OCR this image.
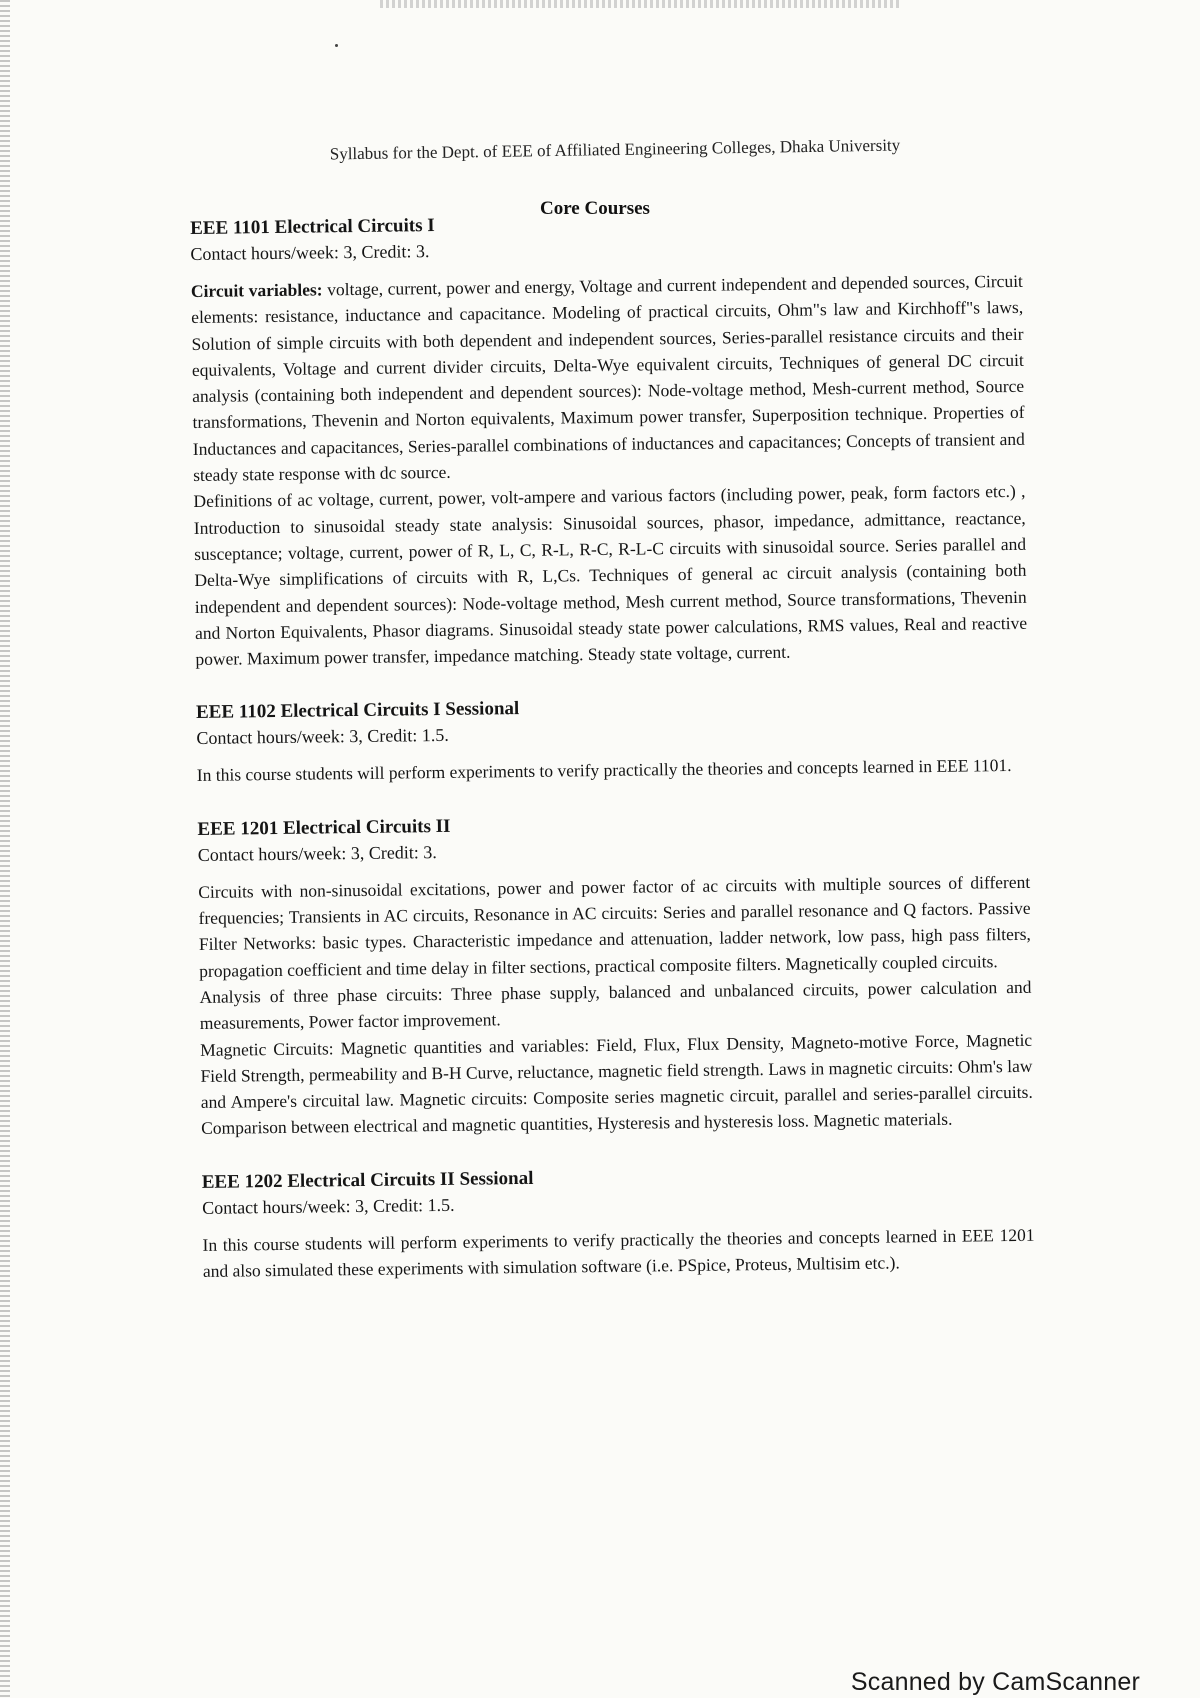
Syllabus for the Dept. of EEE of Affiliated Engineering Colleges, Dhaka University
Core Courses
EEE 1101 Electrical Circuits I
Contact hours/week: 3, Credit: 3.

Circuit variables: voltage, current, power and energy, Voltage and current independent and depended sources, Circuit elements: resistance, inductance and capacitance. Modeling of practical circuits, Ohm"s law and Kirchhoff"s laws, Solution of simple circuits with both dependent and independent sources, Series-parallel resistance circuits and their equivalents, Voltage and current divider circuits, Delta-Wye equivalent circuits, Techniques of general DC circuit analysis (containing both independent and dependent sources): Node-voltage method, Mesh-current method, Source transformations, Thevenin and Norton equivalents, Maximum power transfer, Superposition technique. Properties of Inductances and capacitances, Series-parallel combinations of inductances and capacitances; Concepts of transient and steady state response with dc source.

Definitions of ac voltage, current, power, volt-ampere and various factors (including power, peak, form factors etc.) , Introduction to sinusoidal steady state analysis: Sinusoidal sources, phasor, impedance, admittance, reactance, susceptance; voltage, current, power of R, L, C, R-L, R-C, R-L-C circuits with sinusoidal source. Series parallel and Delta-Wye simplifications of circuits with R, L,Cs. Techniques of general ac circuit analysis (containing both independent and dependent sources): Node-voltage method, Mesh current method, Source transformations, Thevenin and Norton Equivalents, Phasor diagrams. Sinusoidal steady state power calculations, RMS values, Real and reactive power. Maximum power transfer, impedance matching. Steady state voltage, current.

EEE 1102 Electrical Circuits I Sessional
Contact hours/week: 3, Credit: 1.5.

In this course students will perform experiments to verify practically the theories and concepts learned in EEE 1101.

EEE 1201 Electrical Circuits II
Contact hours/week: 3, Credit: 3.

Circuits with non-sinusoidal excitations, power and power factor of ac circuits with multiple sources of different frequencies; Transients in AC circuits, Resonance in AC circuits: Series and parallel resonance and Q factors. Passive Filter Networks: basic types. Characteristic impedance and attenuation, ladder network, low pass, high pass filters, propagation coefficient and time delay in filter sections, practical composite filters. Magnetically coupled circuits.

Analysis of three phase circuits: Three phase supply, balanced and unbalanced circuits, power calculation and measurements, Power factor improvement.

Magnetic Circuits: Magnetic quantities and variables: Field, Flux, Flux Density, Magneto-motive Force, Magnetic Field Strength, permeability and B-H Curve, reluctance, magnetic field strength. Laws in magnetic circuits: Ohm's law and Ampere's circuital law. Magnetic circuits: Composite series magnetic circuit, parallel and series-parallel circuits. Comparison between electrical and magnetic quantities, Hysteresis and hysteresis loss. Magnetic materials.

EEE 1202 Electrical Circuits II Sessional
Contact hours/week: 3, Credit: 1.5.

In this course students will perform experiments to verify practically the theories and concepts learned in EEE 1201 and also simulated these experiments with simulation software (i.e. PSpice, Proteus, Multisim etc.).

Scanned by CamScanner
